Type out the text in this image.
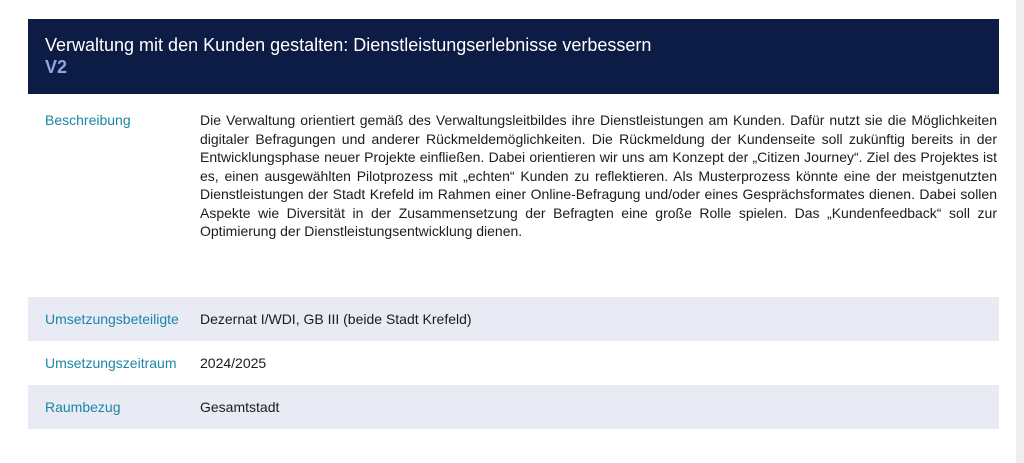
Verwaltung mit den Kunden gestalten: Dienstleistungserlebnisse verbessern
V2
Beschreibung	Die Verwaltung orientiert gemäß des Verwaltungsleitbildes ihre Dienstleistungen am Kunden. Dafür nutzt sie die Möglichkeiten digitaler Befragungen und anderer Rückmeldemöglichkeiten. Die Rückmeldung der Kundenseite soll zukünftig bereits in der Entwicklungsphase neuer Projekte einfließen. Dabei orientieren wir uns am Konzept der „Citizen Journey“. Ziel des Projektes ist es, einen ausgewählten Pilotprozess mit „echten“ Kunden zu reflektieren. Als Musterprozess könnte eine der meistgenutzten Dienstleistungen der Stadt Krefeld im Rahmen einer Online-Befragung und/oder eines Gesprächsformates dienen. Dabei sollen Aspekte wie Diversität in der Zusammensetzung der Befragten eine große Rolle spielen. Das „Kundenfeedback“ soll zur Optimierung der Dienstleistungsentwicklung dienen.
Umsetzungsbeteiligte	Dezernat I/WDI, GB III (beide Stadt Krefeld)
Umsetzungszeitraum	2024/2025
Raumbezug	Gesamtstadt
